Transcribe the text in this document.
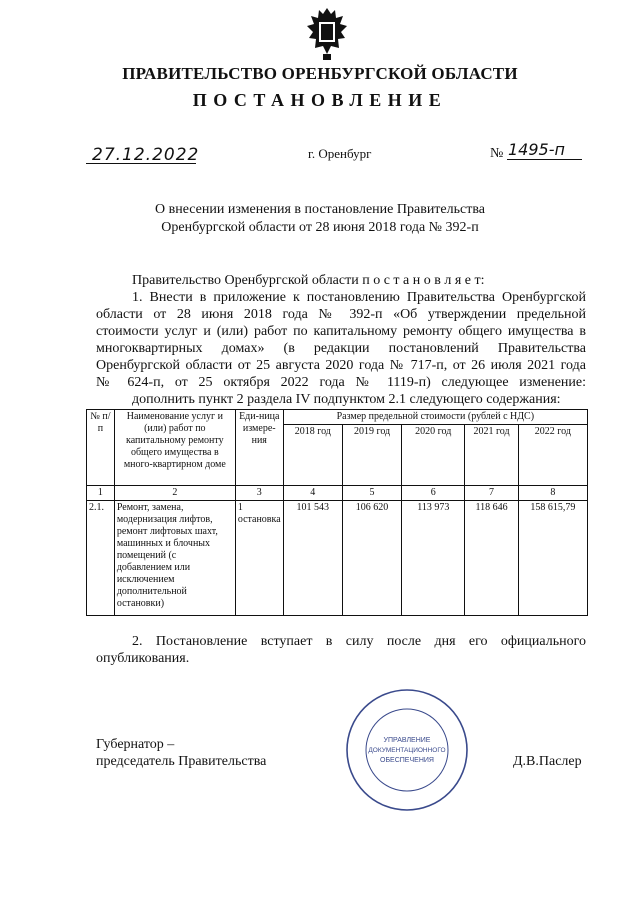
ПРАВИТЕЛЬСТВО ОРЕНБУРГСКОЙ ОБЛАСТИ
ПОСТАНОВЛЕНИЕ
27.12.2022	г. Оренбург	№ 1495-п
О внесении изменения в постановление Правительства
Оренбургской области от 28 июня 2018 года № 392-п
Правительство Оренбургской области п о с т а н о в л я е т:
1. Внести в приложение к постановлению Правительства Оренбургской
области от 28 июня 2018 года № 392-п «Об утверждении предельной
стоимости услуг и (или) работ по капитальному ремонту общего имущества в
многоквартирных домах» (в редакции постановлений Правительства
Оренбургской области от 25 августа 2020 года № 717-п, от 26 июля 2021 года
№ 624-п, от 25 октября 2022 года № 1119-п) следующее изменение:
дополнить пункт 2 раздела IV подпунктом 2.1 следующего содержания:
№ п/п	Наименование услуг и (или) работ по капитальному ремонту общего имущества в много-квартирном доме	Еди-ница измере-ния	Размер предельной стоимости (рублей с НДС)				
			2018 год	2019 год	2020 год	2021 год	2022 год
1	2	3	4	5	6	7	8
2.1.	Ремонт, замена, модернизация лифтов, ремонт лифтовых шахт, машинных и блочных помещений (с добавлением или исключением дополнительной остановки)	1 остановка	101 543	106 620	113 973	118 646	158 615,79
2. Постановление вступает в силу после дня его официального
опубликования.
Губернатор –
председатель Правительства	Д.В.Паслер
УПРАВЛЕНИЕ
ДОКУМЕНТАЦИОННОГО
ОБЕСПЕЧЕНИЯ
